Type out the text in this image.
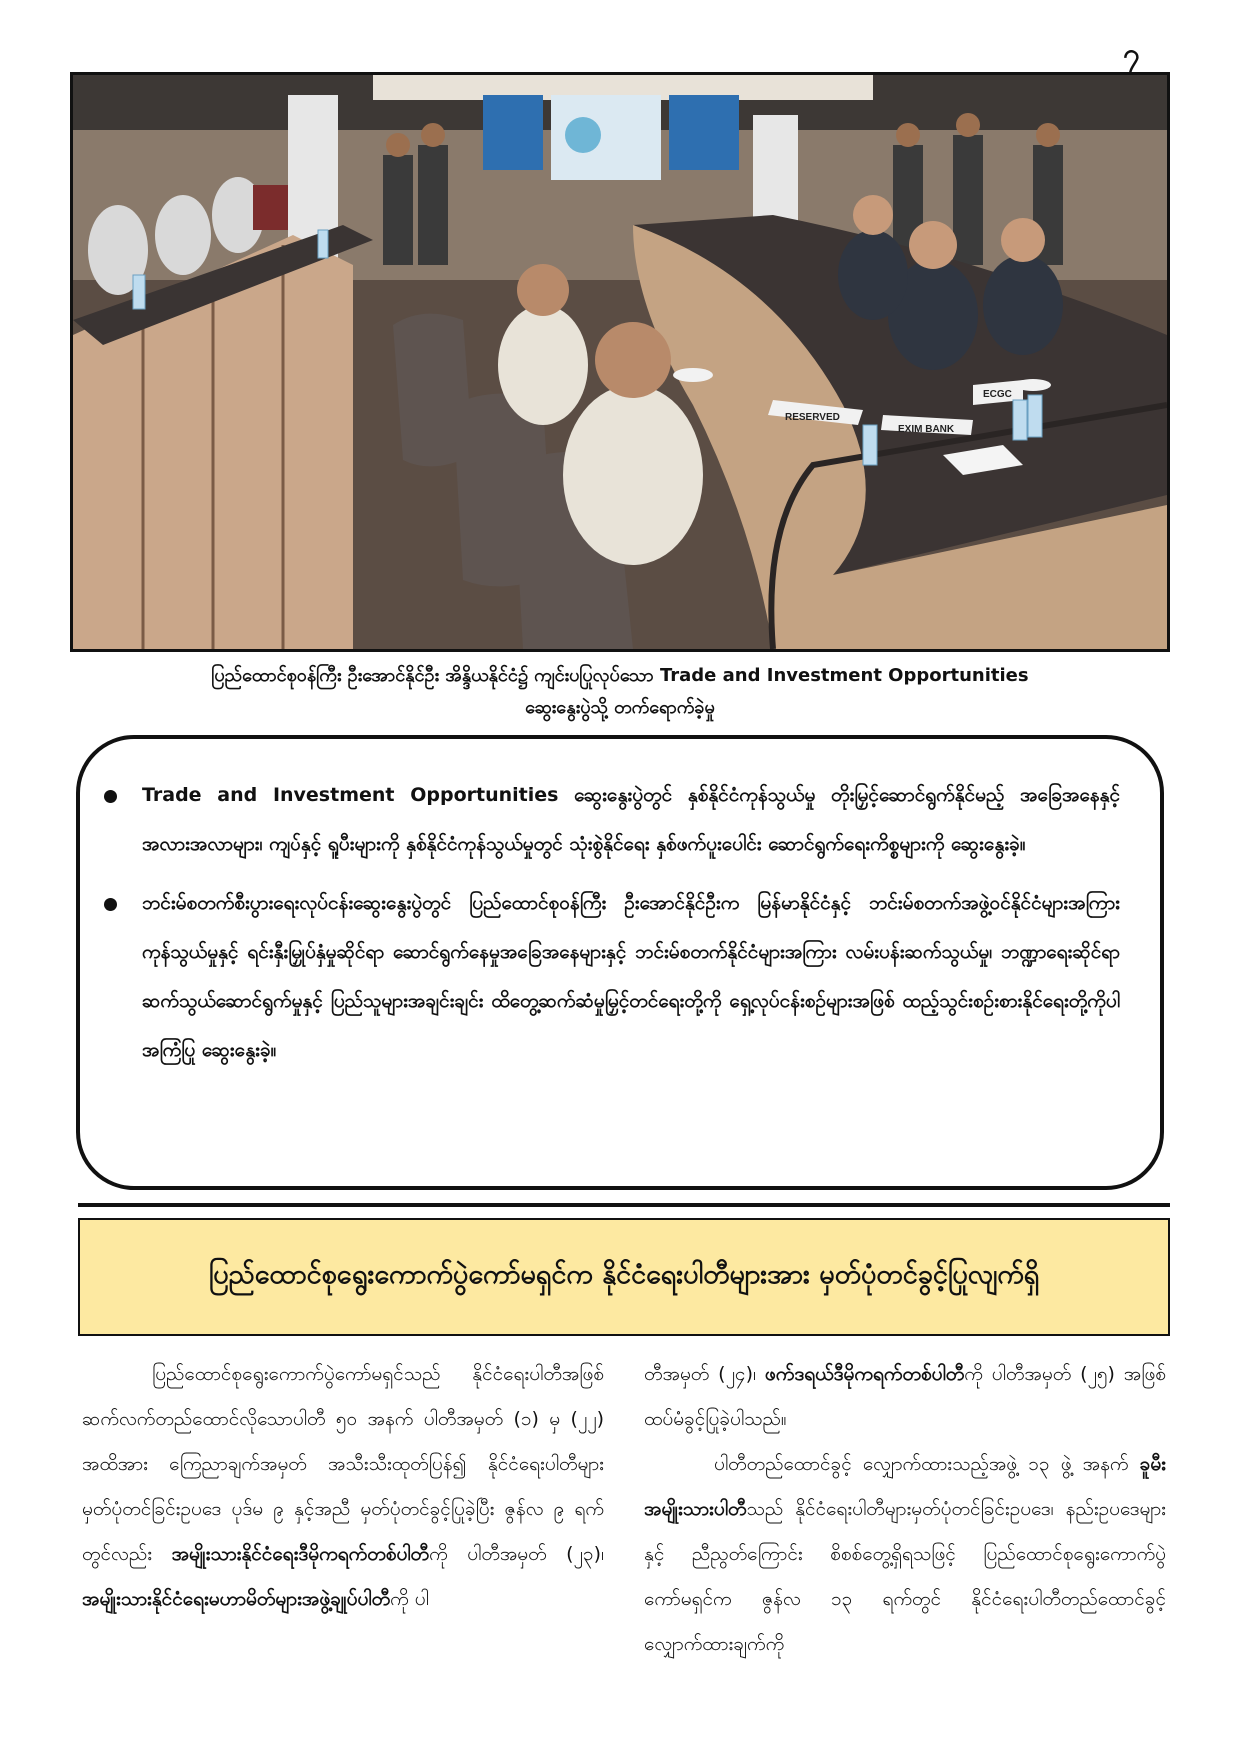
၇
RESERVED
EXIM BANK
ECGC
ပြည်ထောင်စုဝန်ကြီး ဦးအောင်နိုင်ဦး အိန္ဒိယနိုင်ငံ၌ ကျင်းပပြုလုပ်သော Trade and Investment Opportunities
ဆွေးနွေးပွဲသို့ တက်ရောက်ခဲ့မှု
Trade and Investment Opportunities ဆွေးနွေးပွဲတွင် နှစ်နိုင်ငံကုန်သွယ်မှု တိုးမြှင့်ဆောင်ရွက်နိုင်မည့် အခြေအနေနှင့် အလားအလာများ၊ ကျပ်နှင့် ရူပီးများကို နှစ်နိုင်ငံကုန်သွယ်မှုတွင် သုံးစွဲနိုင်ရေး နှစ်ဖက်ပူးပေါင်း ဆောင်ရွက်ရေးကိစ္စများကို ဆွေးနွေးခဲ့။
ဘင်းမ်စတက်စီးပွားရေးလုပ်ငန်းဆွေးနွေးပွဲတွင် ပြည်ထောင်စုဝန်ကြီး ဦးအောင်နိုင်ဦးက မြန်မာနိုင်ငံနှင့် ဘင်းမ်စတက်အဖွဲ့ဝင်နိုင်ငံများအကြား ကုန်သွယ်မှုနှင့် ရင်းနှီးမြှုပ်နှံမှုဆိုင်ရာ ဆောင်ရွက်နေမှုအခြေအနေများနှင့် ဘင်းမ်စတက်နိုင်ငံများအကြား လမ်းပန်းဆက်သွယ်မှု၊ ဘဏ္ဍာရေးဆိုင်ရာ ဆက်သွယ်ဆောင်ရွက်မှုနှင့် ပြည်သူများအချင်းချင်း ထိတွေ့ဆက်ဆံမှုမြှင့်တင်ရေးတို့ကို ရှေ့လုပ်ငန်းစဉ်များအဖြစ် ထည့်သွင်းစဉ်းစားနိုင်ရေးတို့ကိုပါ အကြံပြု ဆွေးနွေးခဲ့။
ပြည်ထောင်စုရွေးကောက်ပွဲကော်မရှင်က နိုင်ငံရေးပါတီများအား မှတ်ပုံတင်ခွင့်ပြုလျက်ရှိ

ပြည်ထောင်စုရွေးကောက်ပွဲကော်မရှင်သည် နိုင်ငံရေးပါတီအဖြစ် ဆက်လက်တည်ထောင်လိုသောပါတီ ၅၀ အနက် ပါတီအမှတ် (၁) မှ (၂၂) အထိအား ကြေညာချက်အမှတ် အသီးသီးထုတ်ပြန်၍ နိုင်ငံရေးပါတီများမှတ်ပုံတင်ခြင်းဥပဒေ ပုဒ်မ ၉ နှင့်အညီ မှတ်ပုံတင်ခွင့်ပြုခဲ့ပြီး ဇွန်လ ၉ ရက်တွင်လည်း အမျိုးသားနိုင်ငံရေးဒီမိုကရက်တစ်ပါတီကို ပါတီအမှတ် (၂၃)၊ အမျိုးသားနိုင်ငံရေးမဟာမိတ်များအဖွဲ့ချုပ်ပါတီကို ပါ

တီအမှတ် (၂၄)၊ ဖက်ဒရယ်ဒီမိုကရက်တစ်ပါတီကို ပါတီအမှတ် (၂၅) အဖြစ် ထပ်မံခွင့်ပြုခဲ့ပါသည်။

ပါတီတည်ထောင်ခွင့် လျှောက်ထားသည့်အဖွဲ့ ၁၃ ဖွဲ့ အနက် ခူမီးအမျိုးသားပါတီသည် နိုင်ငံရေးပါတီများမှတ်ပုံတင်ခြင်းဥပဒေ၊ နည်းဥပဒေများနှင့် ညီညွတ်ကြောင်း စိစစ်တွေ့ရှိရသဖြင့် ပြည်ထောင်စုရွေးကောက်ပွဲကော်မရှင်က ဇွန်လ ၁၃ ရက်တွင် နိုင်ငံရေးပါတီတည်ထောင်ခွင့် လျှောက်ထားချက်ကို
